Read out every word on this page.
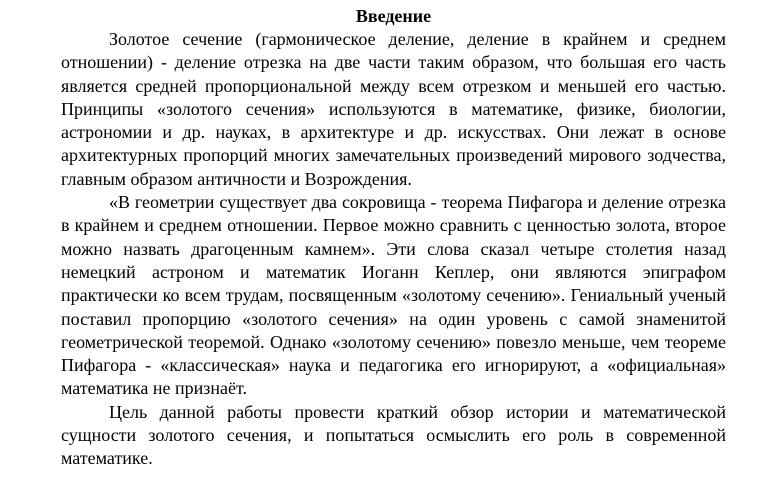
Введение

Золотое сечение (гармоническое деление, деление в крайнем и среднем отношении) - деление отрезка на две части таким образом, что большая его часть является средней пропорциональной между всем отрезком и меньшей его частью. Принципы «золотого сечения» используются в математике, физике, биологии, астрономии и др. науках, в архитектуре и др. искусствах. Они лежат в основе архитектурных пропорций многих замечательных произведений мирового зодчества, главным образом античности и Возрождения.

«В геометрии существует два сокровища - теорема Пифагора и деление отрезка в крайнем и среднем отношении. Первое можно сравнить с ценностью золота, второе можно назвать драгоценным камнем». Эти слова сказал четыре столетия назад немецкий астроном и математик Иоганн Кеплер, они являются эпиграфом практически ко всем трудам, посвященным «золотому сечению». Гениальный ученый поставил пропорцию «золотого сечения» на один уровень с самой знаменитой геометрической теоремой. Однако «золотому сечению» повезло меньше, чем теореме Пифагора - «классическая» наука и педагогика его игнорируют, а «официальная» математика не признаёт.

Цель данной работы провести краткий обзор истории и математической сущности золотого сечения, и попытаться осмыслить его роль в современной математике.
